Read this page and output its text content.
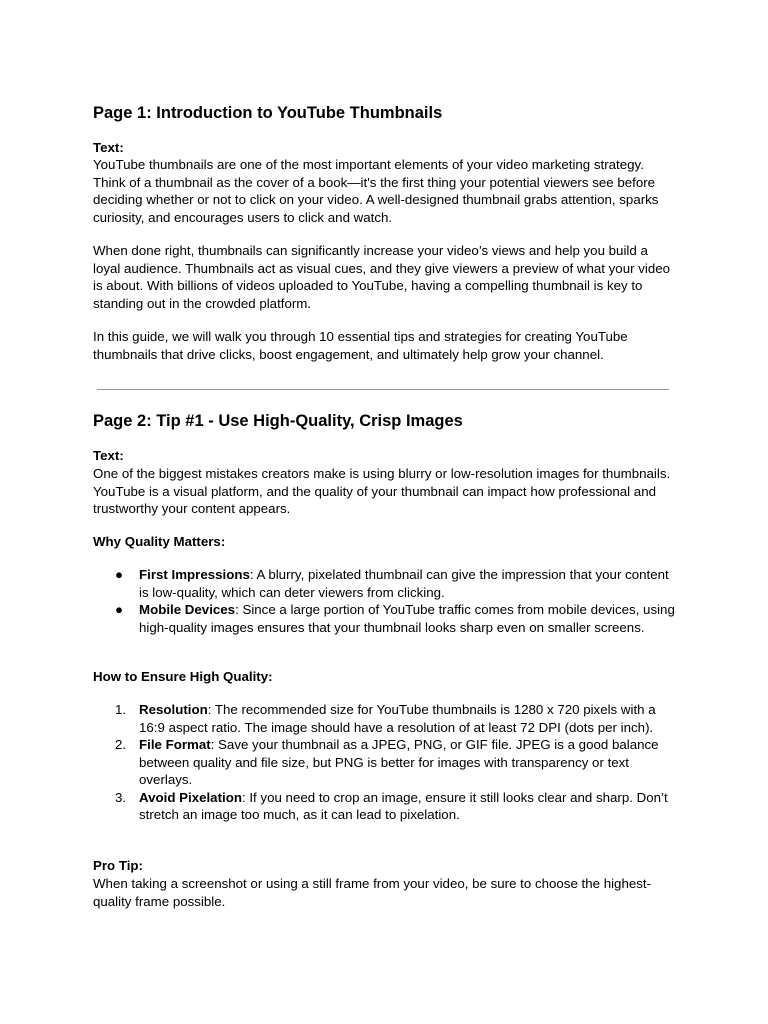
Page 1: Introduction to YouTube Thumbnails

Text:

YouTube thumbnails are one of the most important elements of your video marketing strategy. Think of a thumbnail as the cover of a book—it's the first thing your potential viewers see before deciding whether or not to click on your video. A well-designed thumbnail grabs attention, sparks curiosity, and encourages users to click and watch.

When done right, thumbnails can significantly increase your video’s views and help you build a loyal audience. Thumbnails act as visual cues, and they give viewers a preview of what your video is about. With billions of videos uploaded to YouTube, having a compelling thumbnail is key to standing out in the crowded platform.

In this guide, we will walk you through 10 essential tips and strategies for creating YouTube thumbnails that drive clicks, boost engagement, and ultimately help grow your channel.

Page 2: Tip #1 - Use High-Quality, Crisp Images

Text:

One of the biggest mistakes creators make is using blurry or low-resolution images for thumbnails. YouTube is a visual platform, and the quality of your thumbnail can impact how professional and trustworthy your content appears.

Why Quality Matters:

● First Impressions: A blurry, pixelated thumbnail can give the impression that your content is low-quality, which can deter viewers from clicking.
● Mobile Devices: Since a large portion of YouTube traffic comes from mobile devices, using high-quality images ensures that your thumbnail looks sharp even on smaller screens.

How to Ensure High Quality:

1. Resolution: The recommended size for YouTube thumbnails is 1280 x 720 pixels with a 16:9 aspect ratio. The image should have a resolution of at least 72 DPI (dots per inch).
2. File Format: Save your thumbnail as a JPEG, PNG, or GIF file. JPEG is a good balance between quality and file size, but PNG is better for images with transparency or text overlays.
3. Avoid Pixelation: If you need to crop an image, ensure it still looks clear and sharp. Don’t stretch an image too much, as it can lead to pixelation.

Pro Tip:

When taking a screenshot or using a still frame from your video, be sure to choose the highest-quality frame possible.
